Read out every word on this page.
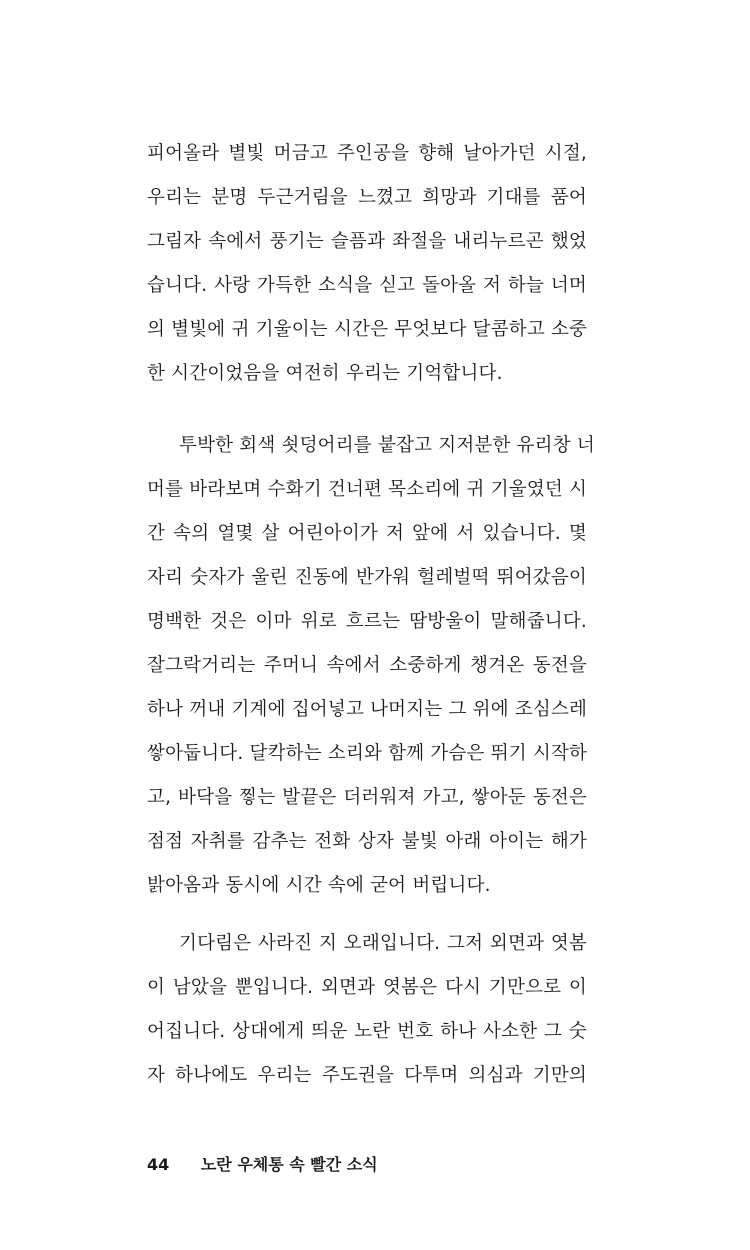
피어올라 별빛 머금고 주인공을 향해 날아가던 시절,
우리는 분명 두근거림을 느꼈고 희망과 기대를 품어
그림자 속에서 풍기는 슬픔과 좌절을 내리누르곤 했었
습니다. 사랑 가득한 소식을 싣고 돌아올 저 하늘 너머
의 별빛에 귀 기울이는 시간은 무엇보다 달콤하고 소중
한 시간이었음을 여전히 우리는 기억합니다.
투박한 회색 쇳덩어리를 붙잡고 지저분한 유리창 너
머를 바라보며 수화기 건너편 목소리에 귀 기울였던 시
간 속의 열몇 살 어린아이가 저 앞에 서 있습니다. 몇
자리 숫자가 울린 진동에 반가워 헐레벌떡 뛰어갔음이
명백한 것은 이마 위로 흐르는 땀방울이 말해줍니다.
잘그락거리는 주머니 속에서 소중하게 챙겨온 동전을
하나 꺼내 기계에 집어넣고 나머지는 그 위에 조심스레
쌓아둡니다. 달칵하는 소리와 함께 가슴은 뛰기 시작하
고, 바닥을 찧는 발끝은 더러워져 가고, 쌓아둔 동전은
점점 자취를 감추는 전화 상자 불빛 아래 아이는 해가
밝아옴과 동시에 시간 속에 굳어 버립니다.
기다림은 사라진 지 오래입니다. 그저 외면과 엿봄
이 남았을 뿐입니다. 외면과 엿봄은 다시 기만으로 이
어집니다. 상대에게 띄운 노란 번호 하나 사소한 그 숫
자 하나에도 우리는 주도권을 다투며 의심과 기만의
44 노란 우체통 속 빨간 소식
